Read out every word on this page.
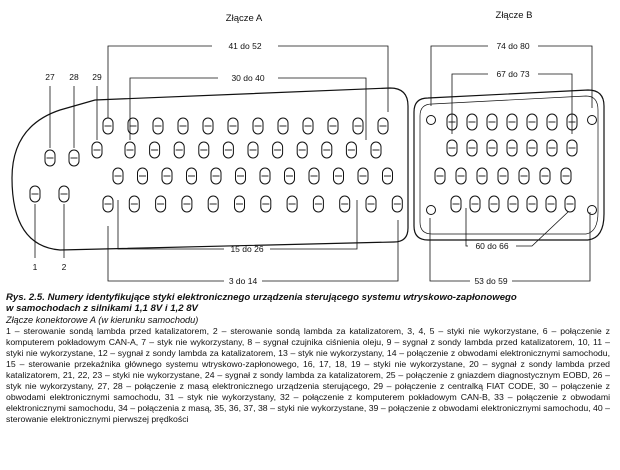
Złącze A	Złącze B
41 do 52
30 do 40
27 28 29
1	2
15 do 26
3 do 14
74 do 80
67 do 73
60 do 66
53 do 59
Rys. 2.5. Numery identyfikujące styki elektronicznego urządzenia sterującego systemu wtryskowo-zapłonowego
w samochodach z silnikami 1,1 8V i 1,2 8V
Złącze konektorowe A (w kierunku samochodu)
1 – sterowanie sondą lambda przed katalizatorem, 2 – sterowanie sondą lambda za katalizatorem, 3, 4, 5 – styki nie wykorzystane, 6 – połączenie z komputerem pokładowym CAN-A, 7 – styk nie wykorzystany, 8 – sygnał czujnika ciśnienia oleju, 9 – sygnał z sondy lambda przed katalizatorem, 10, 11 – styki nie wykorzystane, 12 – sygnał z sondy lambda za katalizatorem, 13 – styk nie wykorzystany, 14 – połączenie z obwodami elektronicznymi samochodu, 15 – sterowanie przekaźnika głównego systemu wtryskowo-zapłonowego, 16, 17, 18, 19 – styki nie wykorzystane, 20 – sygnał z sondy lambda przed katalizatorem, 21, 22, 23 – styki nie wykorzystane, 24 – sygnał z sondy lambda za katalizatorem, 25 – połączenie z gniazdem diagnostycznym EOBD, 26 – styk nie wykorzystany, 27, 28 – połączenie z masą elektronicznego urządzenia sterującego, 29 – połączenie z centralką FIAT CODE, 30 – połączenie z obwodami elektronicznymi samochodu, 31 – styk nie wykorzystany, 32 – połączenie z komputerem pokładowym CAN-B, 33 – połączenie z obwodami elektronicznymi samochodu, 34 – połączenia z masą, 35, 36, 37, 38 – styki nie wykorzystane, 39 – połączenie z obwodami elektronicznymi samochodu, 40 – sterowanie elektronicznymi pierwszej prędkości
